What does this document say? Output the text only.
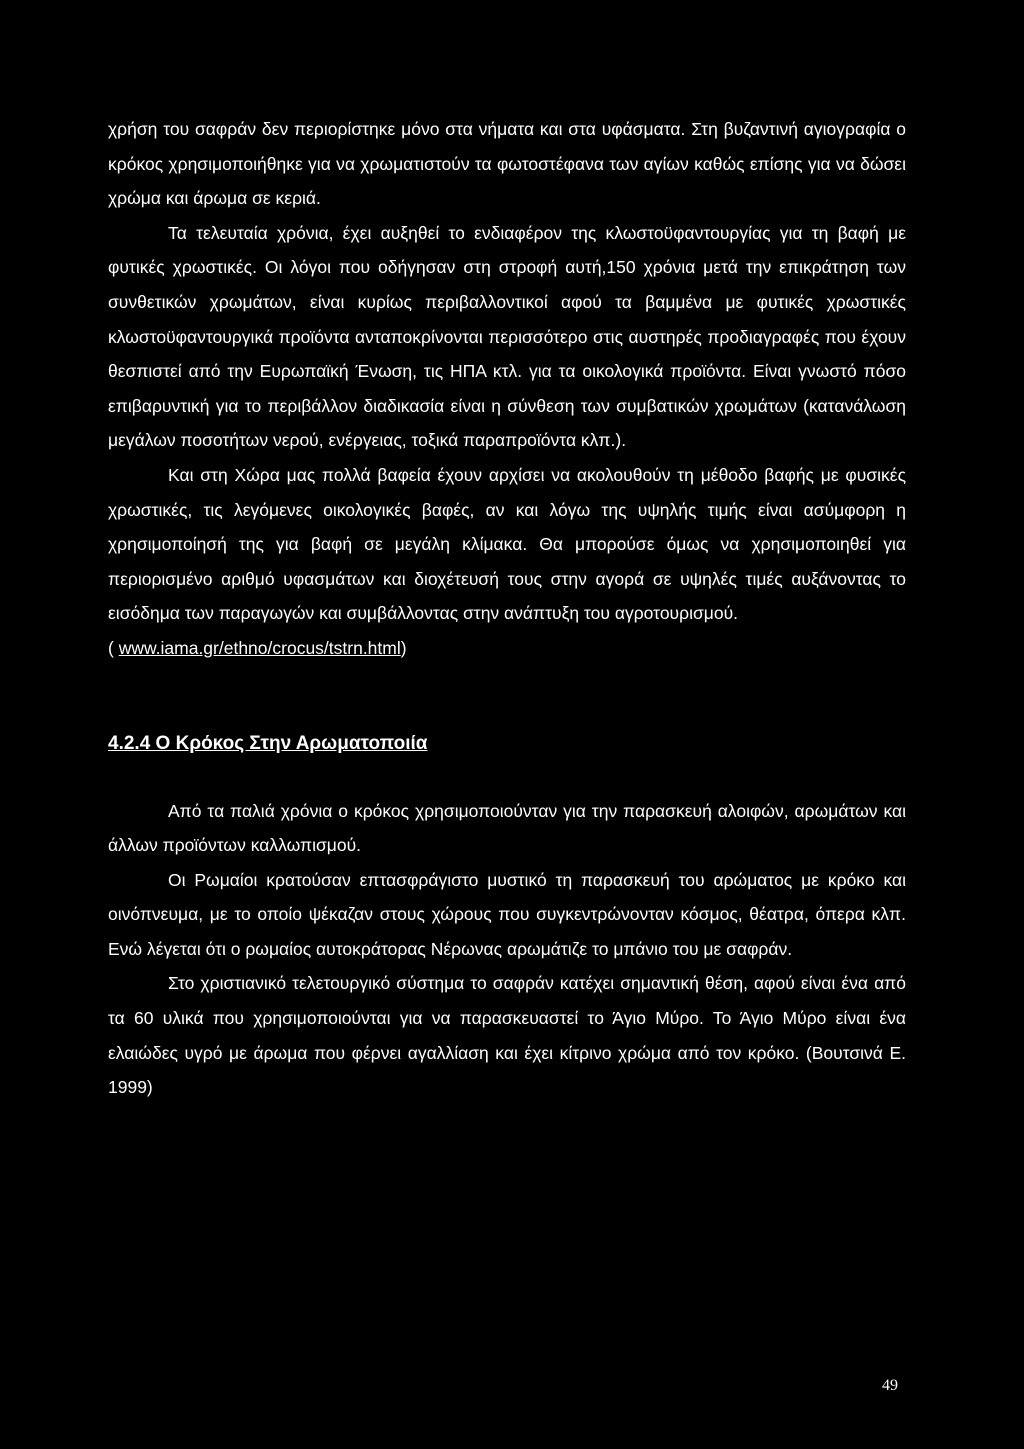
χρήση του σαφράν δεν περιορίστηκε μόνο στα νήματα και στα υφάσματα. Στη βυζαντινή αγιογραφία ο κρόκος χρησιμοποιήθηκε για να χρωματιστούν τα φωτοστέφανα των αγίων καθώς επίσης για να δώσει χρώμα και άρωμα σε κεριά.

Τα τελευταία χρόνια, έχει αυξηθεί το ενδιαφέρον της κλωστοϋφαντουργίας για τη βαφή με φυτικές χρωστικές. Οι λόγοι που οδήγησαν στη στροφή αυτή,150 χρόνια μετά την επικράτηση των συνθετικών χρωμάτων, είναι κυρίως περιβαλλοντικοί αφού τα βαμμένα με φυτικές χρωστικές κλωστοϋφαντουργικά προϊόντα ανταποκρίνονται περισσότερο στις αυστηρές προδιαγραφές που έχουν θεσπιστεί από την Ευρωπαϊκή Ένωση, τις ΗΠΑ κτλ. για τα οικολογικά προϊόντα. Είναι γνωστό πόσο επιβαρυντική για το περιβάλλον διαδικασία είναι η σύνθεση των συμβατικών χρωμάτων (κατανάλωση μεγάλων ποσοτήτων νερού, ενέργειας, τοξικά παραπροϊόντα κλπ.).

Και στη Χώρα μας πολλά βαφεία έχουν αρχίσει να ακολουθούν τη μέθοδο βαφής με φυσικές χρωστικές, τις λεγόμενες οικολογικές βαφές, αν και λόγω της υψηλής τιμής είναι ασύμφορη η χρησιμοποίησή της για βαφή σε μεγάλη κλίμακα. Θα μπορούσε όμως να χρησιμοποιηθεί για περιορισμένο αριθμό υφασμάτων και διοχέτευσή τους στην αγορά σε υψηλές τιμές αυξάνοντας το εισόδημα των παραγωγών και συμβάλλοντας στην ανάπτυξη του αγροτουρισμού.

( www.iama.gr/ethno/crocus/tstrn.html)

4.2.4 Ο Κρόκος Στην Αρωματοποιία

Από τα παλιά χρόνια ο κρόκος χρησιμοποιούνταν για την παρασκευή αλοιφών, αρωμάτων και άλλων προϊόντων καλλωπισμού.

Οι Ρωμαίοι κρατούσαν επτασφράγιστο μυστικό τη παρασκευή του αρώματος με κρόκο και οινόπνευμα, με το οποίο ψέκαζαν στους χώρους που συγκεντρώνονταν κόσμος, θέατρα, όπερα κλπ. Ενώ λέγεται ότι ο ρωμαίος αυτοκράτορας Νέρωνας αρωμάτιζε το μπάνιο του με σαφράν.

Στο χριστιανικό τελετουργικό σύστημα το σαφράν κατέχει σημαντική θέση, αφού είναι ένα από τα 60 υλικά που χρησιμοποιούνται για να παρασκευαστεί το Άγιο Μύρο. Το Άγιο Μύρο είναι ένα ελαιώδες υγρό με άρωμα που φέρνει αγαλλίαση και έχει κίτρινο χρώμα από τον κρόκο. (Βουτσινά Ε. 1999)

49
